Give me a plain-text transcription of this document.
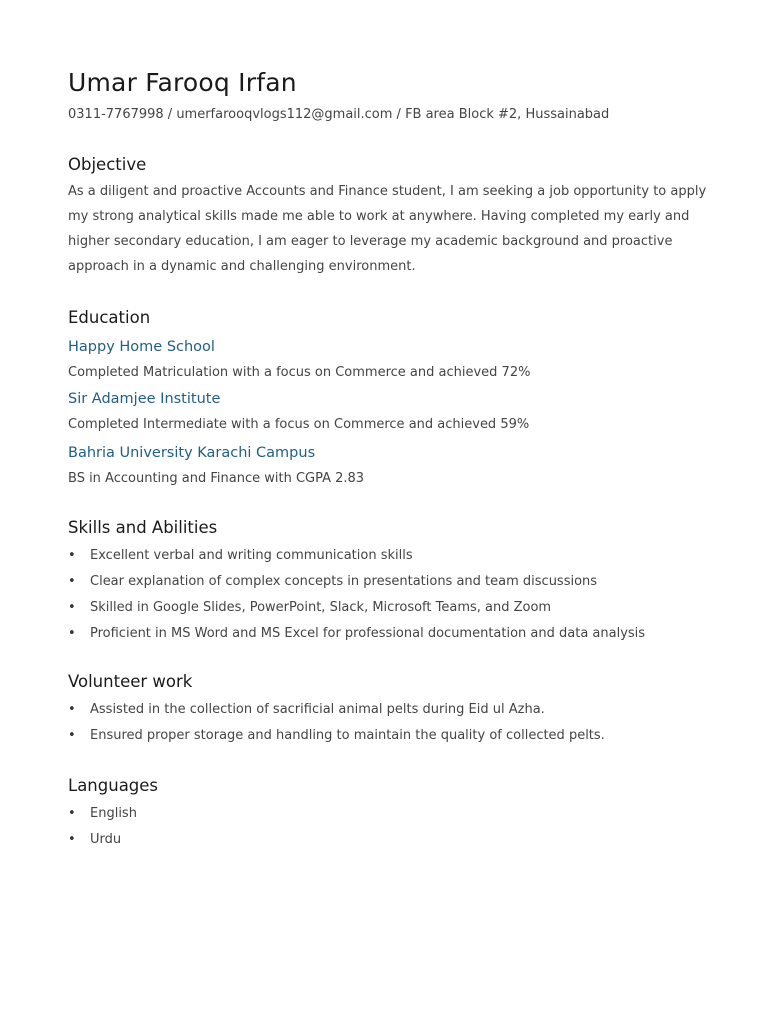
Umar Farooq Irfan
0311-7767998 / umerfarooqvlogs112@gmail.com / FB area Block #2, Hussainabad
Objective

As a diligent and proactive Accounts and Finance student, I am seeking a job opportunity to apply my strong analytical skills made me able to work at anywhere. Having completed my early and higher secondary education, I am eager to leverage my academic background and proactive approach in a dynamic and challenging environment.

Education
Happy Home School
Completed Matriculation with a focus on Commerce and achieved 72%
Sir Adamjee Institute
Completed Intermediate with a focus on Commerce and achieved 59%
Bahria University Karachi Campus
BS in Accounting and Finance with CGPA 2.83
Skills and Abilities
• Excellent verbal and writing communication skills
• Clear explanation of complex concepts in presentations and team discussions
• Skilled in Google Slides, PowerPoint, Slack, Microsoft Teams, and Zoom
• Proficient in MS Word and MS Excel for professional documentation and data analysis
Volunteer work
• Assisted in the collection of sacrificial animal pelts during Eid ul Azha.
• Ensured proper storage and handling to maintain the quality of collected pelts.
Languages
• English
• Urdu
